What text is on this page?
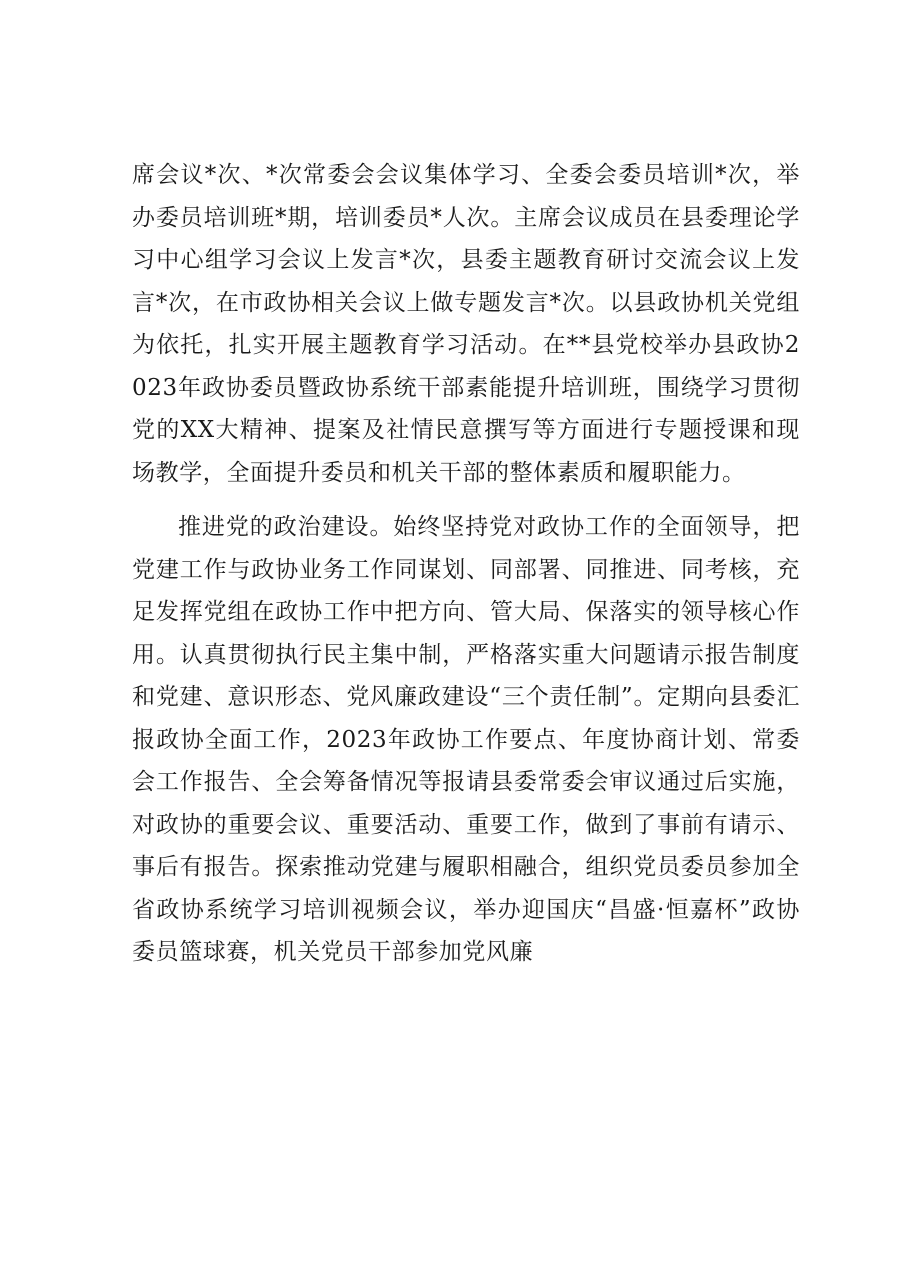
席会议*次、*次常委会会议集体学习、全委会委员培训*次，举办委员培训班*期，培训委员*人次。主席会议成员在县委理论学习中心组学习会议上发言*次，县委主题教育研讨交流会议上发言*次，在市政协相关会议上做专题发言*次。以县政协机关党组为依托，扎实开展主题教育学习活动。在**县党校举办县政协2023年政协委员暨政协系统干部素能提升培训班，围绕学习贯彻党的XX大精神、提案及社情民意撰写等方面进行专题授课和现场教学，全面提升委员和机关干部的整体素质和履职能力。

推进党的政治建设。始终坚持党对政协工作的全面领导，把党建工作与政协业务工作同谋划、同部署、同推进、同考核，充足发挥党组在政协工作中把方向、管大局、保落实的领导核心作用。认真贯彻执行民主集中制，严格落实重大问题请示报告制度和党建、意识形态、党风廉政建设“三个责任制”。定期向县委汇报政协全面工作，2023年政协工作要点、年度协商计划、常委会工作报告、全会筹备情况等报请县委常委会审议通过后实施，对政协的重要会议、重要活动、重要工作，做到了事前有请示、事后有报告。探索推动党建与履职相融合，组织党员委员参加全省政协系统学习培训视频会议，举办迎国庆“昌盛·恒嘉杯”政协委员篮球赛，机关党员干部参加党风廉
